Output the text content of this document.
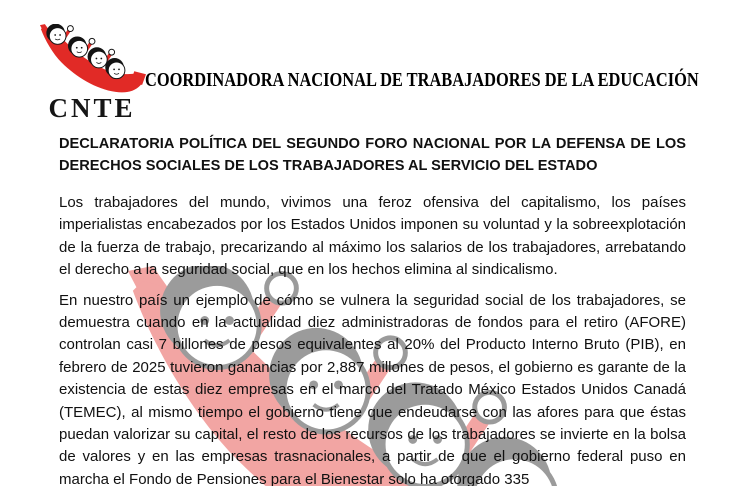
CNTE
COORDINADORA NACIONAL DE TRABAJADORES DE LA EDUCACIÓN

DECLARATORIA POLÍTICA DEL SEGUNDO FORO NACIONAL POR LA DEFENSA DE LOS DERECHOS SOCIALES DE LOS TRABAJADORES AL SERVICIO DEL ESTADO

Los trabajadores del mundo, vivimos una feroz ofensiva del capitalismo, los países imperialistas encabezados por los Estados Unidos imponen su voluntad y la sobreexplotación de la fuerza de trabajo, precarizando al máximo los salarios de los trabajadores, arrebatando el derecho a la seguridad social, que en los hechos elimina al sindicalismo.

En nuestro país un ejemplo de cómo se vulnera la seguridad social de los trabajadores, se demuestra cuando en la actualidad diez administradoras de fondos para el retiro (AFORE) controlan casi 7 billones de pesos equivalentes al 20% del Producto Interno Bruto (PIB), en febrero de 2025 tuvieron ganancias por 2,887 millones de pesos, el gobierno es garante de la existencia de estas diez empresas en el marco del Tratado México Estados Unidos Canadá (TEMEC), al mismo tiempo el gobierno tiene que endeudarse con las afores para que éstas puedan valorizar su capital, el resto de los recursos de los trabajadores se invierte en la bolsa de valores y en las empresas trasnacionales, a partir de que el gobierno federal puso en marcha el Fondo de Pensiones para el Bienestar solo ha otorgado 335
